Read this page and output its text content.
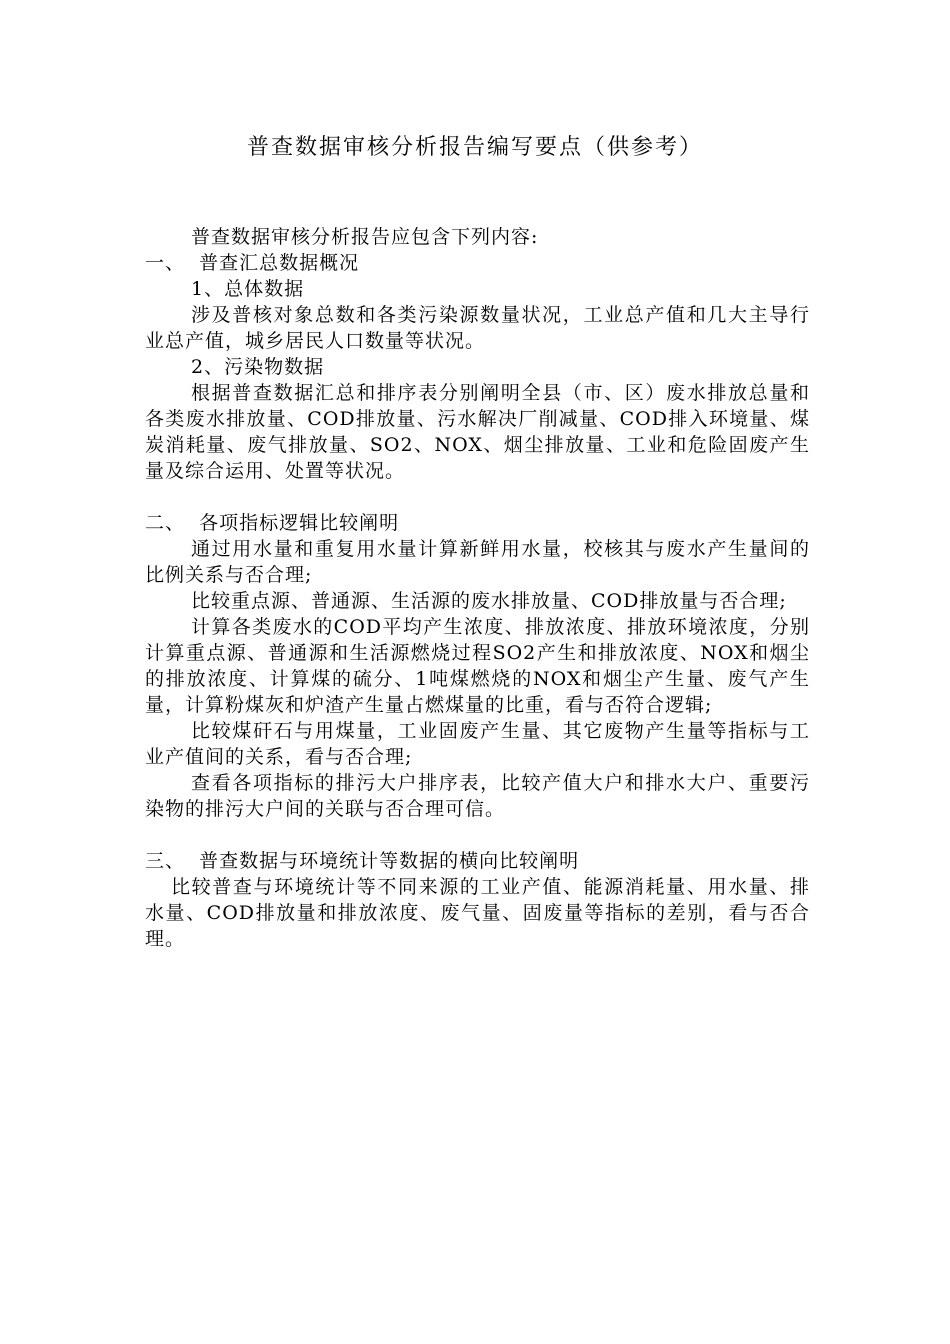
普查数据审核分析报告编写要点（供参考）

普查数据审核分析报告应包含下列内容:

一、  普查汇总数据概况

1、总体数据

涉及普核对象总数和各类污染源数量状况，工业总产值和几大主导行业总产值，城乡居民人口数量等状况。

2、污染物数据

根据普查数据汇总和排序表分别阐明全县（市、区）废水排放总量和各类废水排放量、COD排放量、污水解决厂削减量、COD排入环境量、煤炭消耗量、废气排放量、SO2、NOX、烟尘排放量、工业和危险固废产生量及综合运用、处置等状况。

二、  各项指标逻辑比较阐明

通过用水量和重复用水量计算新鲜用水量，校核其与废水产生量间的比例关系与否合理;

比较重点源、普通源、生活源的废水排放量、COD排放量与否合理;

计算各类废水的COD平均产生浓度、排放浓度、排放环境浓度，分别计算重点源、普通源和生活源燃烧过程SO2产生和排放浓度、NOX和烟尘的排放浓度、计算煤的硫分、1吨煤燃烧的NOX和烟尘产生量、废气产生量，计算粉煤灰和炉渣产生量占燃煤量的比重，看与否符合逻辑;

比较煤矸石与用煤量，工业固废产生量、其它废物产生量等指标与工业产值间的关系，看与否合理;

查看各项指标的排污大户排序表，比较产值大户和排水大户、重要污染物的排污大户间的关联与否合理可信。

三、  普查数据与环境统计等数据的横向比较阐明

比较普查与环境统计等不同来源的工业产值、能源消耗量、用水量、排水量、COD排放量和排放浓度、废气量、固废量等指标的差别，看与否合理。
